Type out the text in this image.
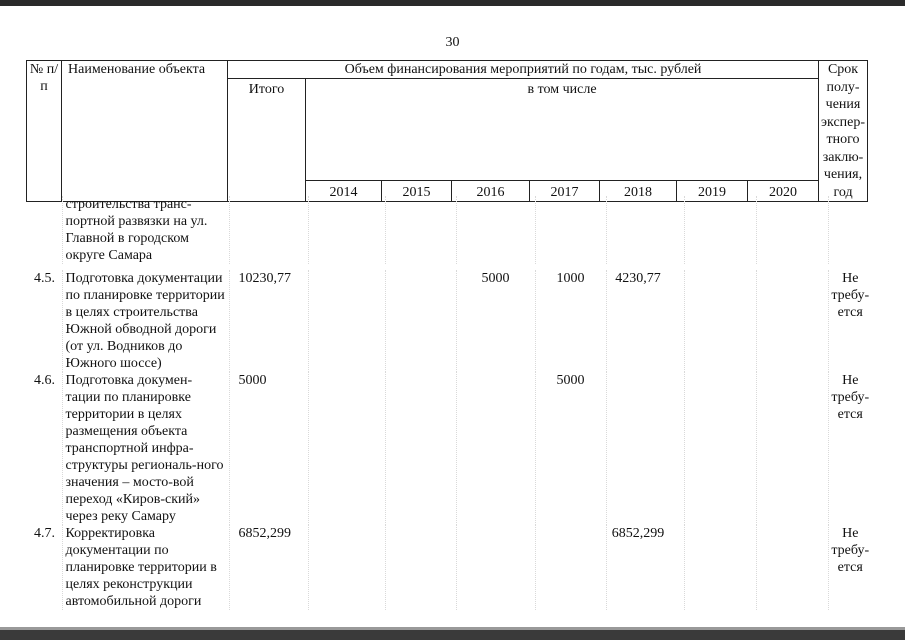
30
№ п/п	Наименование объекта	Объем финансирования мероприятий по годам, тыс. рублей								Срок полу-чения экспер-тного заклю-чения, год
		Итого	в том числе							
			2014	2015	2016	2017	2018	2019	2020	
	строительства транс-портной развязки на ул. Главной в городском округе Самара									

4.5.	Подготовка документации по планировке территории в целях строительства Южной обводной дороги (от ул. Водников до Южного шоссе)	10230,77			5000	1000	4230,77			Не требу-ется
4.6.	Подготовка докумен-тации по планировке территории в целях размещения объекта транспортной инфра-структуры региональ-ного значения – мосто-вой переход «Киров-ский» через реку Самару	5000				5000				Не требу-ется
4.7.	Корректировка документации по планировке территории в целях реконструкции автомобильной дороги	6852,299					6852,299			Не требу-ется
